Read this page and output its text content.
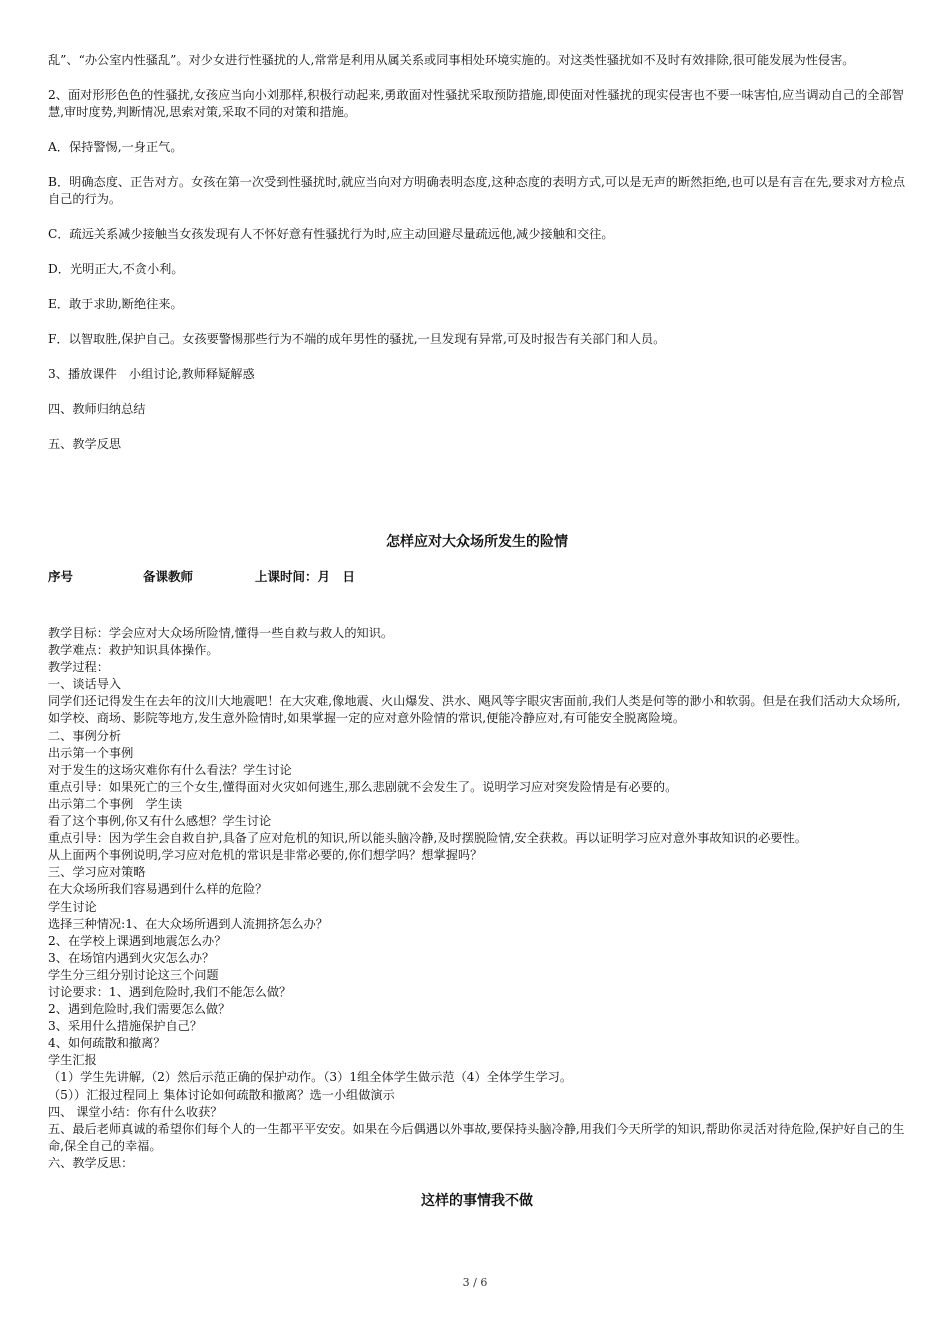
乱”、“办公室内性骚乱”。对少女进行性骚扰的人,常常是利用从属关系或同事相处环境实施的。对这类性骚扰如不及时有效排除,很可能发展为性侵害。

2、面对形形色色的性骚扰,女孩应当向小刘那样,积极行动起来,勇敢面对性骚扰采取预防措施,即使面对性骚扰的现实侵害也不要一味害怕,应当调动自己的全部智慧,审时度势,判断情况,思索对策,采取不同的对策和措施。

A．保持警惕,一身正气。

B．明确态度、正告对方。女孩在第一次受到性骚扰时,就应当向对方明确表明态度,这种态度的表明方式,可以是无声的断然拒绝,也可以是有言在先,要求对方检点自己的行为。

C．疏远关系减少接触当女孩发现有人不怀好意有性骚扰行为时,应主动回避尽量疏远他,减少接触和交往。

D．光明正大,不贪小利。

E．敢于求助,断绝往来。

F．以智取胜,保护自己。女孩要警惕那些行为不端的成年男性的骚扰,一旦发现有异常,可及时报告有关部门和人员。

3、播放课件　小组讨论,教师释疑解惑

四、教师归纳总结

五、教学反思

怎样应对大众场所发生的险情
序号	备课教师	上课时间：月　日

教学目标：学会应对大众场所险情,懂得一些自救与救人的知识。

教学难点：救护知识具体操作。

教学过程：

一、谈话导入

同学们还记得发生在去年的汶川大地震吧！在大灾难,像地震、火山爆发、洪水、飓风等字眼灾害面前,我们人类是何等的渺小和软弱。但是在我们活动大众场所,如学校、商场、影院等地方,发生意外险情时,如果掌握一定的应对意外险情的常识,便能冷静应对,有可能安全脱离险境。

二、事例分析

出示第一个事例

对于发生的这场灾难你有什么看法？学生讨论

重点引导：如果死亡的三个女生,懂得面对火灾如何逃生,那么悲剧就不会发生了。说明学习应对突发险情是有必要的。

出示第二个事例　学生读

看了这个事例,你又有什么感想？学生讨论

重点引导：因为学生会自救自护,具备了应对危机的知识,所以能头脑冷静,及时摆脱险情,安全获救。再以证明学习应对意外事故知识的必要性。

从上面两个事例说明,学习应对危机的常识是非常必要的,你们想学吗？想掌握吗？

三、学习应对策略

在大众场所我们容易遇到什么样的危险？

学生讨论

选择三种情况:1、在大众场所遇到人流拥挤怎么办？

2、在学校上课遇到地震怎么办？

3、在场馆内遇到火灾怎么办？

学生分三组分别讨论这三个问题

讨论要求：1、遇到危险时,我们不能怎么做？

2、遇到危险时,我们需要怎么做？

3、采用什么措施保护自己？

4、如何疏散和撤离？

学生汇报

（1）学生先讲解,（2）然后示范正确的保护动作。（3）1组全体学生做示范（4）全体学生学习。

（5））汇报过程同上 集体讨论如何疏散和撤离？选一小组做演示

四、 课堂小结：你有什么收获？

五、最后老师真诚的希望你们每个人的一生都平平安安。如果在今后偶遇以外事故,要保持头脑冷静,用我们今天所学的知识,帮助你灵活对待危险,保护好自己的生命,保全自己的幸福。

六、教学反思：

这样的事情我不做
3 / 6
